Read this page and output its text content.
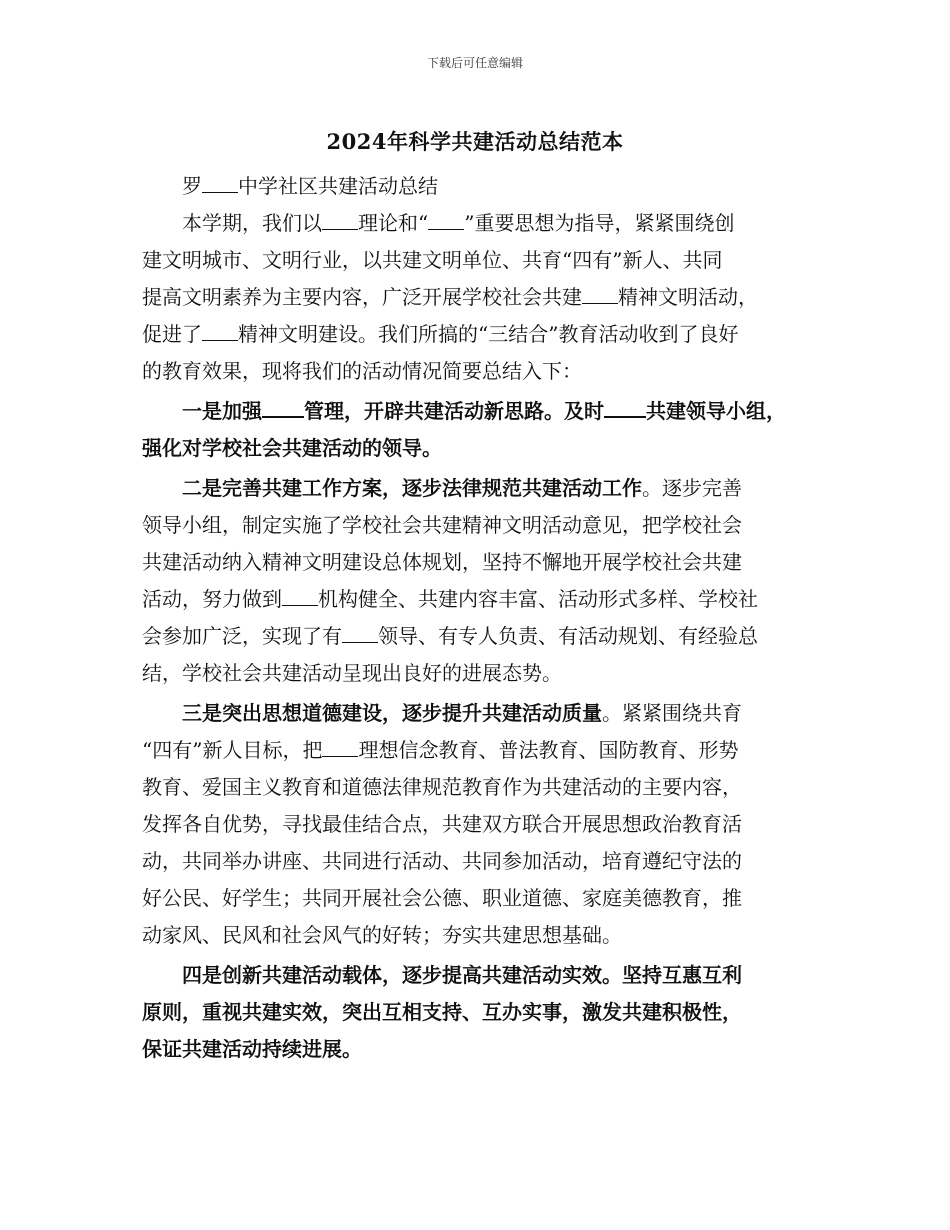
下载后可任意编辑
2024年科学共建活动总结范本
罗 中学社区共建活动总结
本学期，我们以 理论和“ ”重要思想为指导，紧紧围绕创
建文明城市、文明行业，以共建文明单位、共育“四有”新人、共同
提高文明素养为主要内容，广泛开展学校社会共建 精神文明活动，
促进了 精神文明建设。我们所搞的“三结合”教育活动收到了良好
的教育效果，现将我们的活动情况简要总结入下：
一是加强 管理，开辟共建活动新思路。及时 共建领导小组，
强化对学校社会共建活动的领导。
二是完善共建工作方案，逐步法律规范共建活动工作。逐步完善
领导小组，制定实施了学校社会共建精神文明活动意见，把学校社会
共建活动纳入精神文明建设总体规划，坚持不懈地开展学校社会共建
活动，努力做到 机构健全、共建内容丰富、活动形式多样、学校社
会参加广泛，实现了有 领导、有专人负责、有活动规划、有经验总
结，学校社会共建活动呈现出良好的进展态势。
三是突出思想道德建设，逐步提升共建活动质量。紧紧围绕共育
“四有”新人目标，把 理想信念教育、普法教育、国防教育、形势
教育、爱国主义教育和道德法律规范教育作为共建活动的主要内容，
发挥各自优势，寻找最佳结合点，共建双方联合开展思想政治教育活
动，共同举办讲座、共同进行活动、共同参加活动，培育遵纪守法的
好公民、好学生；共同开展社会公德、职业道德、家庭美德教育，推
动家风、民风和社会风气的好转；夯实共建思想基础。
四是创新共建活动载体，逐步提高共建活动实效。坚持互惠互利
原则，重视共建实效，突出互相支持、互办实事，激发共建积极性，
保证共建活动持续进展。
